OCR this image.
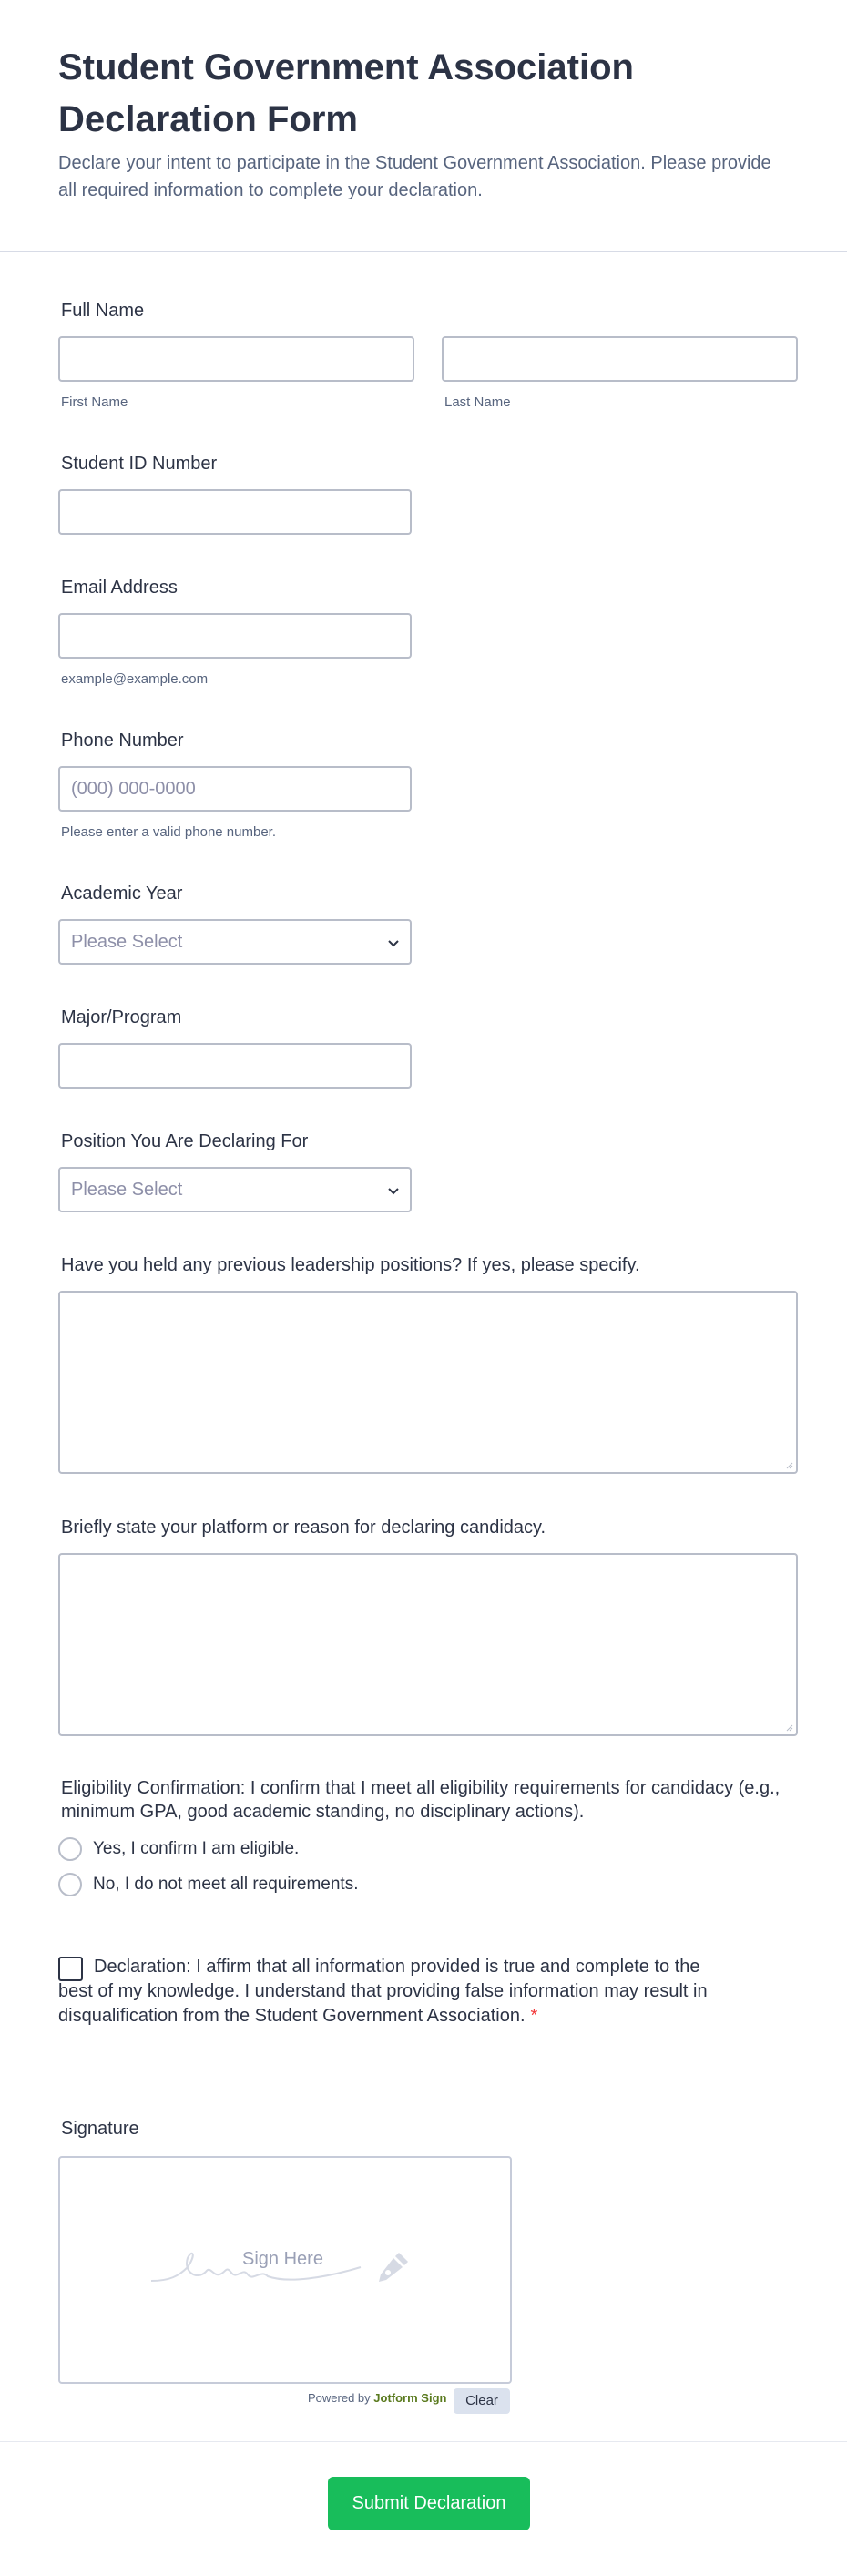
Student Government Association Declaration Form

Declare your intent to participate in the Student Government Association. Please provide all required information to complete your declaration.

Full Name
First Name	Last Name
Student ID Number
Email Address
example@example.com
Phone Number
(000) 000-0000
Please enter a valid phone number.
Academic Year
Please Select
Major/Program
Position You Are Declaring For
Please Select
Have you held any previous leadership positions? If yes, please specify.
Briefly state your platform or reason for declaring candidacy.
Eligibility Confirmation: I confirm that I meet all eligibility requirements for candidacy (e.g., minimum GPA, good academic standing, no disciplinary actions).
Yes, I confirm I am eligible.
No, I do not meet all requirements.
Declaration: I affirm that all information provided is true and complete to the best of my knowledge. I understand that providing false information may result in disqualification from the Student Government Association. *
Signature
Sign Here
Powered by Jotform Sign	Clear
Submit Declaration
